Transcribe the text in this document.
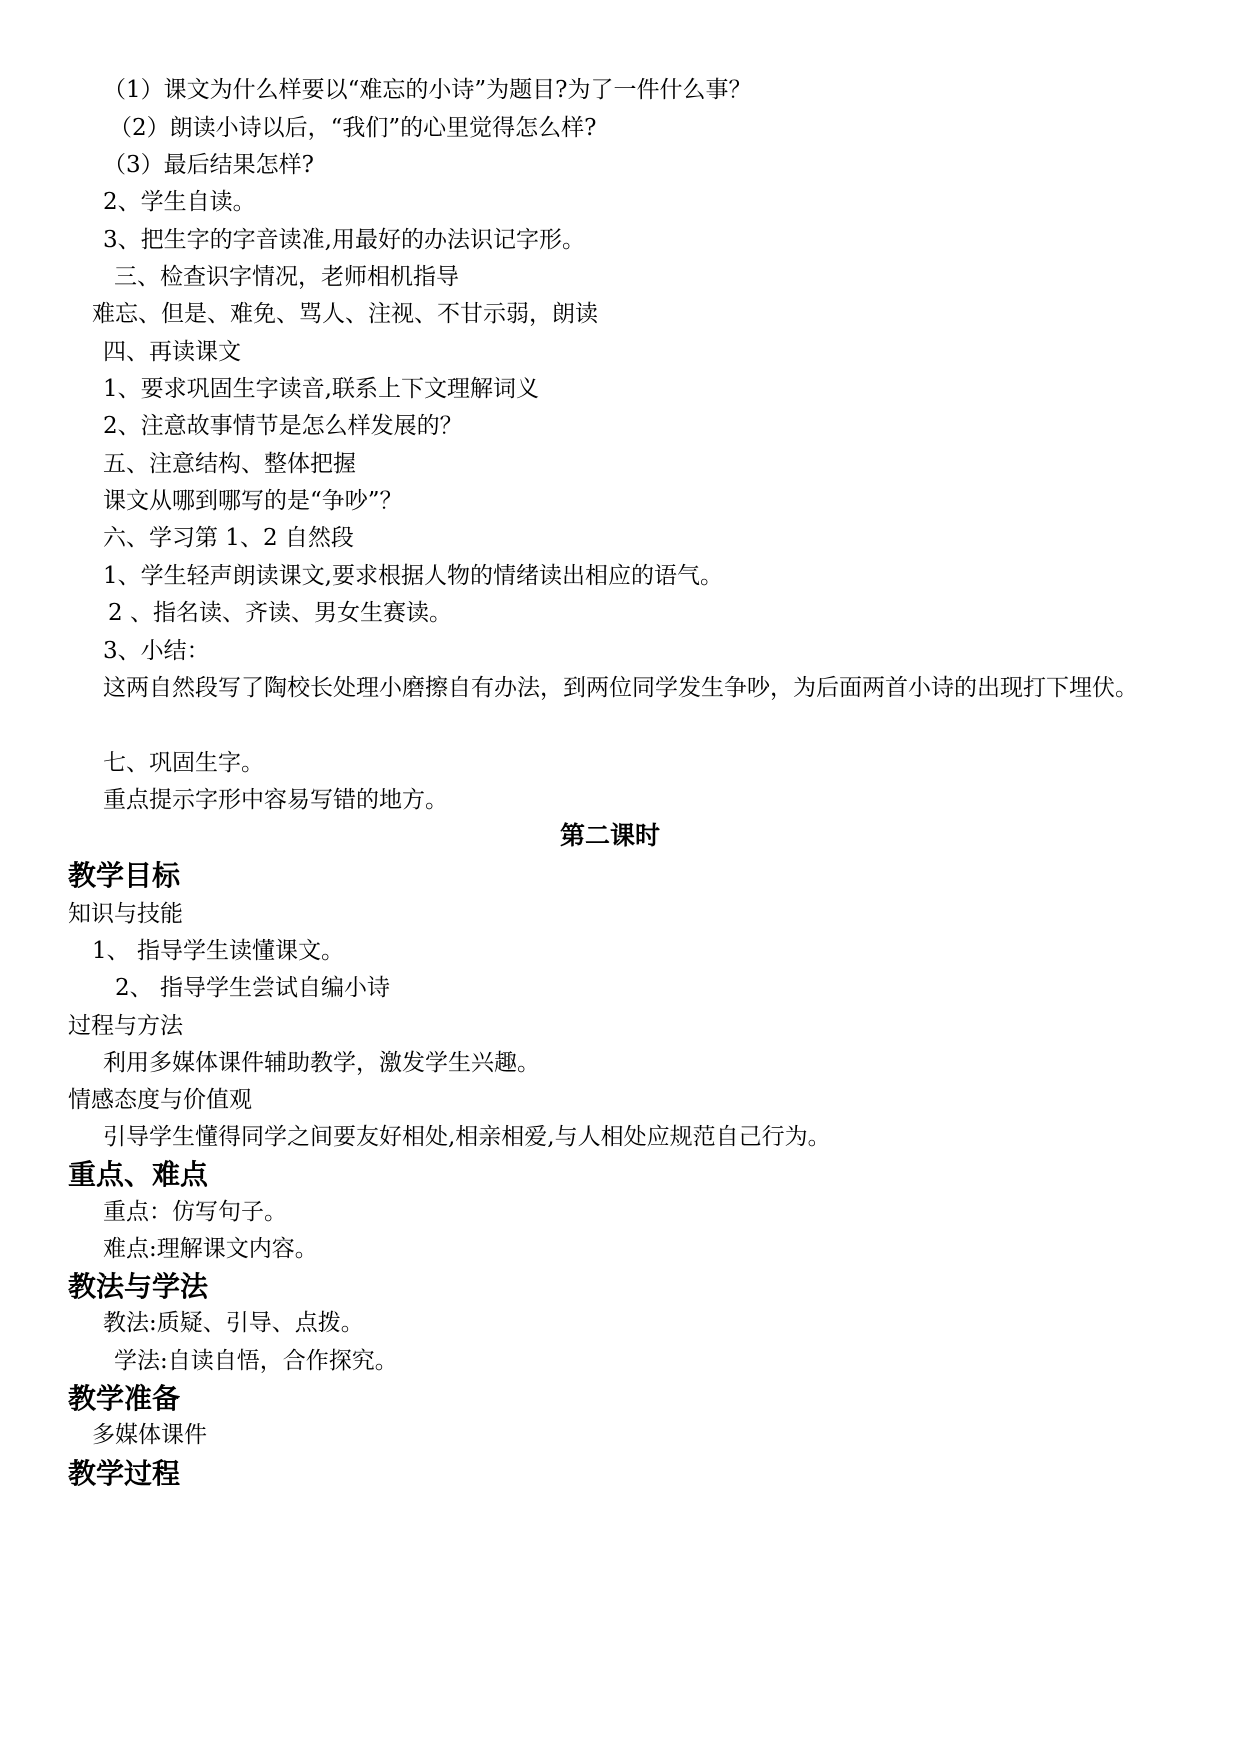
（1）课文为什么样要以“难忘的小诗”为题目?为了一件什么事？
（2）朗读小诗以后，“我们”的心里觉得怎么样?
（3）最后结果怎样?
2、学生自读。
3、把生字的字音读准,用最好的办法识记字形。
三、检查识字情况，老师相机指导
难忘、但是、难免、骂人、注视、不甘示弱，朗读
四、再读课文
1、要求巩固生字读音,联系上下文理解词义
2、注意故事情节是怎么样发展的？
五、注意结构、整体把握
课文从哪到哪写的是“争吵”？
六、学习第 1、2 自然段
1、学生轻声朗读课文,要求根据人物的情绪读出相应的语气。
2 、指名读、齐读、男女生赛读。
3、小结：
这两自然段写了陶校长处理小磨擦自有办法，到两位同学发生争吵，为后面两首小诗的出现打下埋伏。
七、巩固生字。
重点提示字形中容易写错的地方。
第二课时
教学目标
知识与技能
1、 指导学生读懂课文。
2、 指导学生尝试自编小诗
过程与方法
利用多媒体课件辅助教学，激发学生兴趣。
情感态度与价值观
引导学生懂得同学之间要友好相处,相亲相爱,与人相处应规范自己行为。
重点、难点
重点：仿写句子。
难点:理解课文内容。
教法与学法
教法:质疑、引导、点拨。
学法:自读自悟，合作探究。
教学准备
多媒体课件
教学过程
